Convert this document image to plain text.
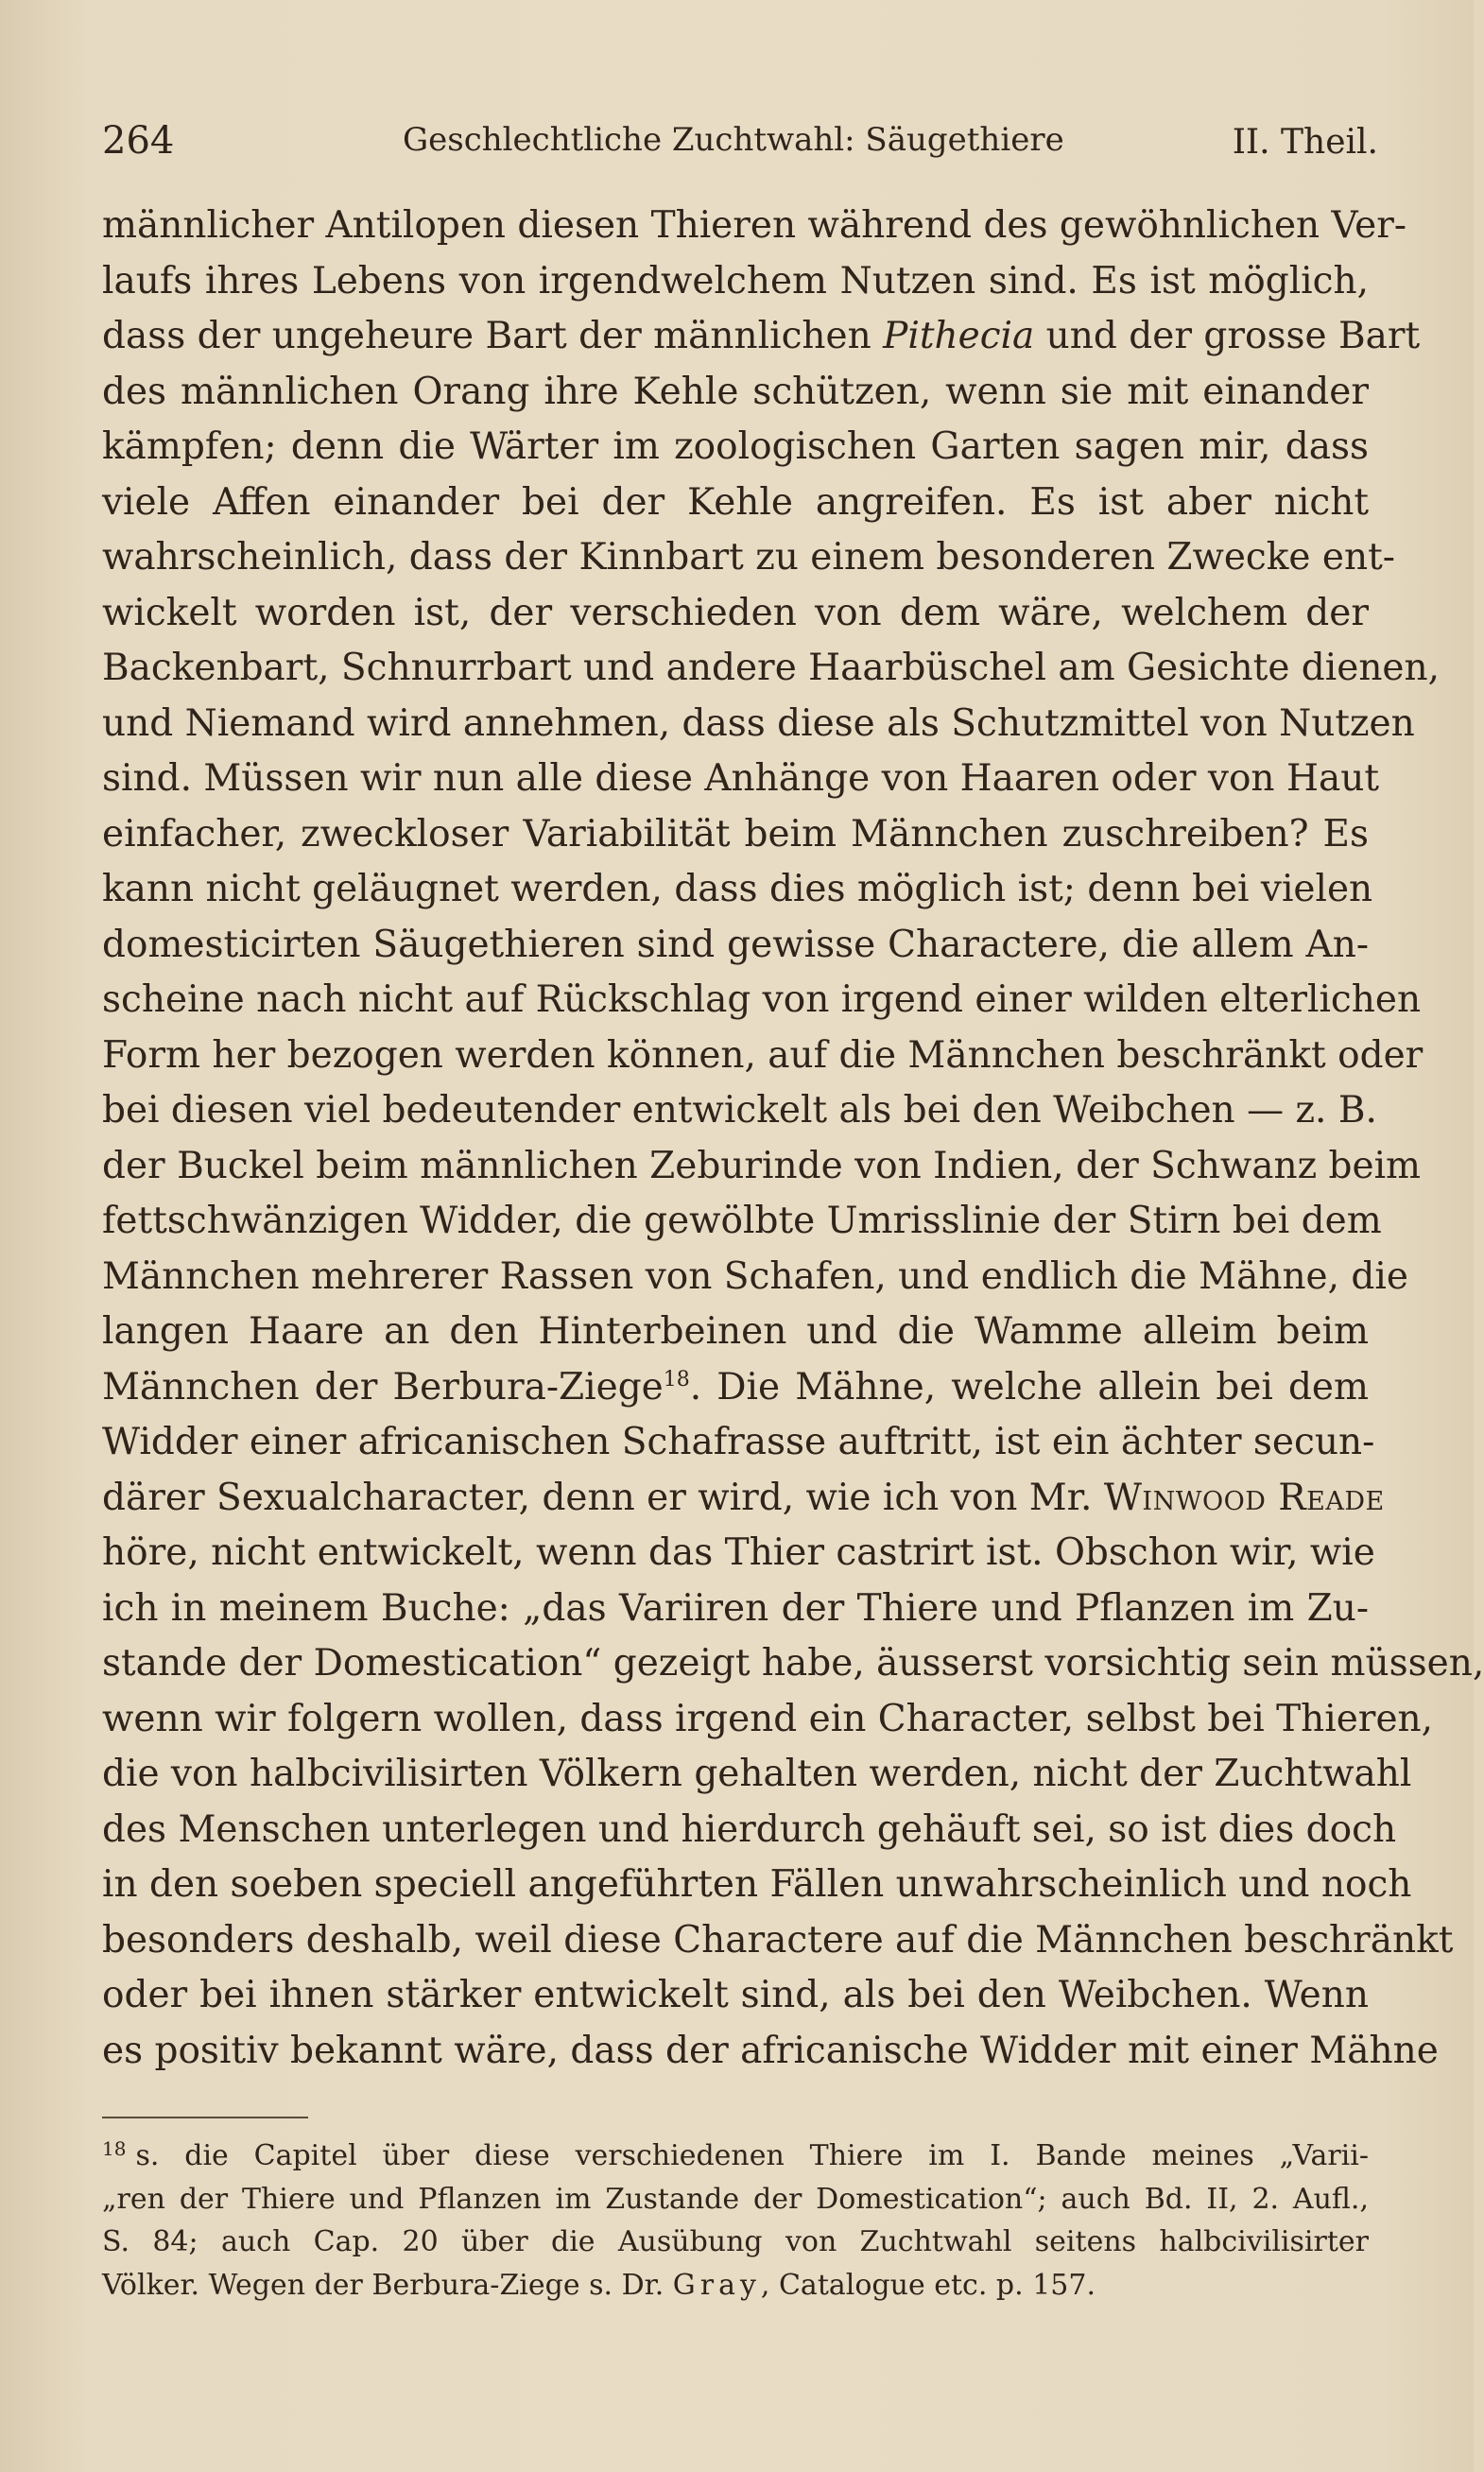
264	Geschlechtliche Zuchtwahl: Säugethiere	II. Theil.
männlicher Antilopen diesen Thieren während des gewöhnlichen Ver-
laufs ihres Lebens von irgendwelchem Nutzen sind. Es ist möglich,
dass der ungeheure Bart der männlichen Pithecia und der grosse Bart
des männlichen Orang ihre Kehle schützen, wenn sie mit einander
kämpfen; denn die Wärter im zoologischen Garten sagen mir, dass
viele Affen einander bei der Kehle angreifen. Es ist aber nicht
wahrscheinlich, dass der Kinnbart zu einem besonderen Zwecke ent-
wickelt worden ist, der verschieden von dem wäre, welchem der
Backenbart, Schnurrbart und andere Haarbüschel am Gesichte dienen,
und Niemand wird annehmen, dass diese als Schutzmittel von Nutzen
sind. Müssen wir nun alle diese Anhänge von Haaren oder von Haut
einfacher, zweckloser Variabilität beim Männchen zuschreiben? Es
kann nicht geläugnet werden, dass dies möglich ist; denn bei vielen
domesticirten Säugethieren sind gewisse Charactere, die allem An-
scheine nach nicht auf Rückschlag von irgend einer wilden elterlichen
Form her bezogen werden können, auf die Männchen beschränkt oder
bei diesen viel bedeutender entwickelt als bei den Weibchen — z. B.
der Buckel beim männlichen Zeburinde von Indien, der Schwanz beim
fettschwänzigen Widder, die gewölbte Umrisslinie der Stirn bei dem
Männchen mehrerer Rassen von Schafen, und endlich die Mähne, die
langen Haare an den Hinterbeinen und die Wamme alleim beim
Männchen der Berbura-Ziege$^{18}$. Die Mähne, welche allein bei dem
Widder einer africanischen Schafrasse auftritt, ist ein ächter secun-
därer Sexualcharacter, denn er wird, wie ich von Mr. Winwood Reade
höre, nicht entwickelt, wenn das Thier castrirt ist. Obschon wir, wie
ich in meinem Buche: „das Variiren der Thiere und Pflanzen im Zu-
stande der Domestication“ gezeigt habe, äusserst vorsichtig sein müssen,
wenn wir folgern wollen, dass irgend ein Character, selbst bei Thieren,
die von halbcivilisirten Völkern gehalten werden, nicht der Zuchtwahl
des Menschen unterlegen und hierdurch gehäuft sei, so ist dies doch
in den soeben speciell angeführten Fällen unwahrscheinlich und noch
besonders deshalb, weil diese Charactere auf die Männchen beschränkt
oder bei ihnen stärker entwickelt sind, als bei den Weibchen. Wenn
es positiv bekannt wäre, dass der africanische Widder mit einer Mähne
$^{18}$ s. die Capitel über diese verschiedenen Thiere im I. Bande meines „Varii-
„ren der Thiere und Pflanzen im Zustande der Domestication“; auch Bd. II, 2. Aufl.,
S. 84; auch Cap. 20 über die Ausübung von Zuchtwahl seitens halbcivilisirter
Völker. Wegen der Berbura-Ziege s. Dr. Gray, Catalogue etc. p. 157.
